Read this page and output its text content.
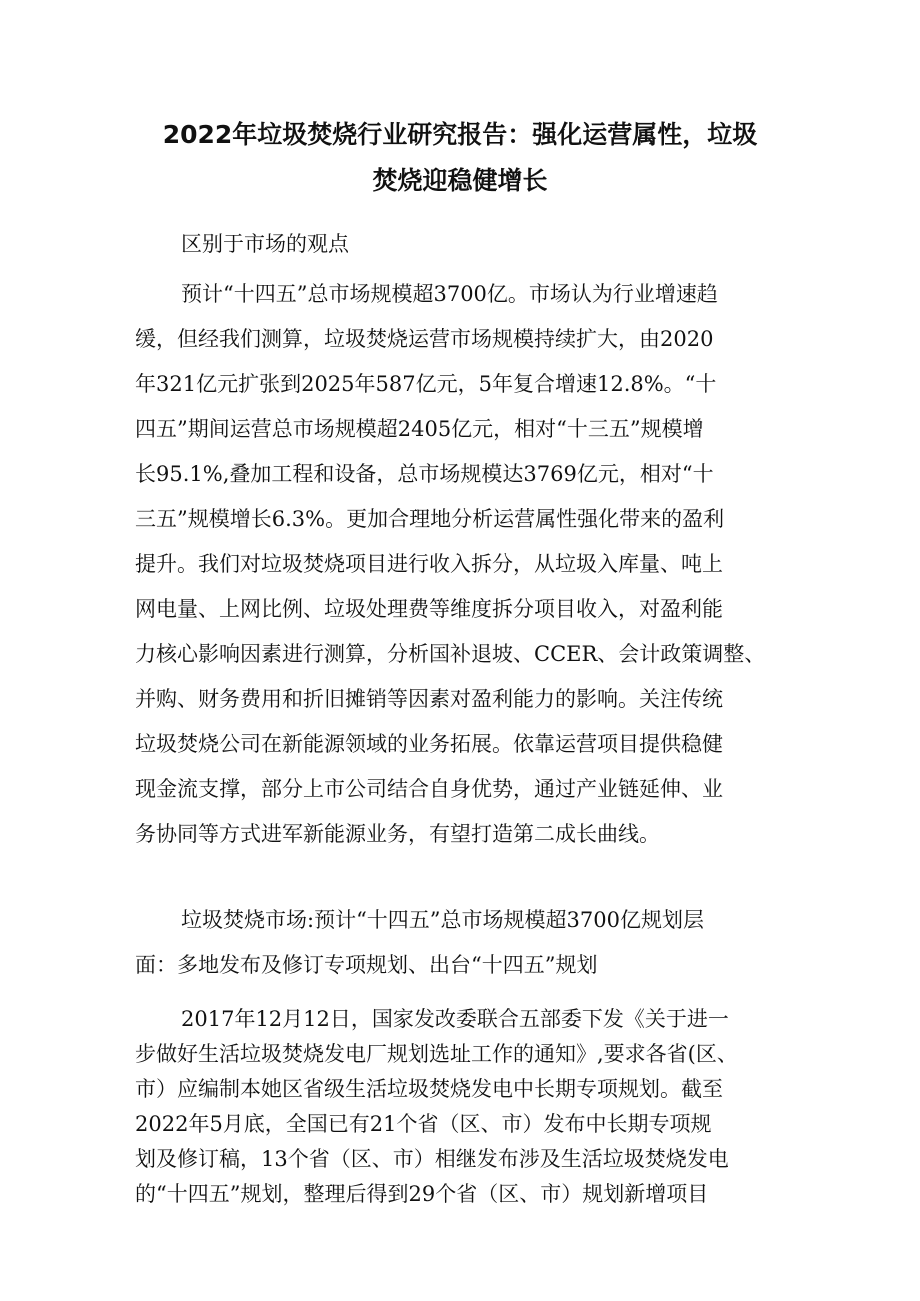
2022年垃圾焚烧行业研究报告：强化运营属性，垃圾
焚烧迎稳健增长

区别于市场的观点

预计“十四五”总市场规模超3700亿。市场认为行业增速趋
缓，但经我们测算，垃圾焚烧运营市场规模持续扩大，由2020
年321亿元扩张到2025年587亿元，5年复合增速12.8%。“十
四五”期间运营总市场规模超2405亿元，相对“十三五”规模增
长95.1%,叠加工程和设备，总市场规模达3769亿元，相对“十
三五”规模增长6.3%。更加合理地分析运营属性强化带来的盈利
提升。我们对垃圾焚烧项目进行收入拆分，从垃圾入库量、吨上
网电量、上网比例、垃圾处理费等维度拆分项目收入，对盈利能
力核心影响因素进行测算，分析国补退坡、CCER、会计政策调整、
并购、财务费用和折旧摊销等因素对盈利能力的影响。关注传统
垃圾焚烧公司在新能源领域的业务拓展。依靠运营项目提供稳健
现金流支撑，部分上市公司结合自身优势，通过产业链延伸、业
务协同等方式进军新能源业务，有望打造第二成长曲线。

垃圾焚烧市场:预计“十四五”总市场规模超3700亿规划层
面：多地发布及修订专项规划、出台“十四五”规划

2017年12月12日，国家发改委联合五部委下发《关于进一
步做好生活垃圾焚烧发电厂规划选址工作的通知》,要求各省(区、
市）应编制本她区省级生活垃圾焚烧发电中长期专项规划。截至
2022年5月底，全国已有21个省（区、市）发布中长期专项规
划及修订稿，13个省（区、市）相继发布涉及生活垃圾焚烧发电
的“十四五”规划，整理后得到29个省（区、市）规划新增项目
